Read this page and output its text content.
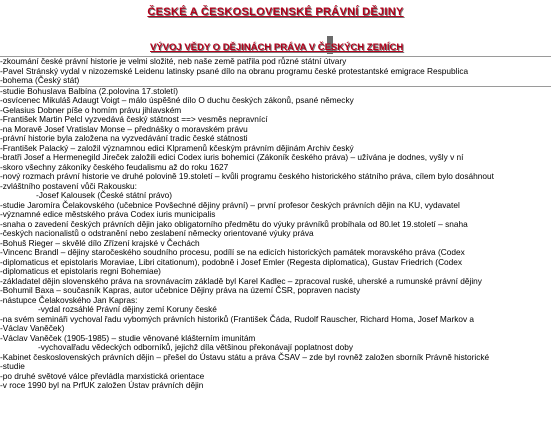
ČESKÉ A ČESKOSLOVENSKÉ PRÁVNÍ DĚJINY
VÝVOJ VĚDY O DĚJINÁCH PRÁVA V ČESKÝCH ZEMÍCH
-zkoumání české právní historie je velmi složité, neb naše země patřila pod různé státní útvary
-Pavel Stránský vydal v nizozemské Leidenu latinsky psané dílo na obranu programu české protestantské emigrace Respublica
-bohema (Český stát)
-studie Bohuslava Balbína (2.polovina 17.století)
-osvícenec Mikuláš Adaugt Voigt – málo úspěšné dílo O duchu českých zákonů, psané německy
-Gelasius Dobner píše o homím právu jihlavském
-František Martin Pelcl vyzvedává český státnost ==> vesměs nepravnící
-na Moravě Josef Vratislav Monse – přednášky o moravském právu
-právní historie byla založena na vyzvedávání tradic české státnosti
-František Palacký – založil významnou edici Klpramenů kčeským právním dějinám Archiv český
-bratři Josef a Hermenegild Jireček založili edici Codex iuris bohemici (Zákoník českého práva) – užívána je dodnes, vyšly v ní
-skoro všechny zákoníky českého feudalismu až do roku 1627
-nový rozmach právní historie ve druhé polovině 19.století – kvůli programu českého historického státního práva, cílem bylo dosáhnout
-zvláštního postavení vůči Rakousku:
-Josef Kalousek (České státní právo)
-studie Jaromíra Čelakovského (učebnice Povšechné dějiny právní) – první profesor českých právních dějin na KU, vydavatel
-významné edice městského práva Codex iuris municipalis
-snaha o zavedení českých právních dějin jako obligatorního předmětu do výuky právníků probíhala od 80.let 19.století – snaha
-českých nacionalistů o odstranění nebo zeslabení německy orientované výuky práva
-Bohuš Rieger – skvělé dílo Zřízení krajské v Čechách
-Vincenc Brandl – dějiny staročeského soudního procesu, podílí se na edicích historických památek moravského práva (Codex
-diplomaticus et epistolaris Moraviae, Libri citationum), podobně i Josef Emler (Regesta diplomatica), Gustav Friedrich (Codex
-diplomaticus et epistolaris regni Bohemiae)
-základatel dějin slovenského práva na srovnávacím základě byl Karel Kadlec – zpracoval ruské, uherské a rumunské právní dějiny
-Bohumil Baxa – současník Kapras, autor učebnice Dějiny práva na území ČSR, popraven nacisty
-nástupce Čelakovského Jan Kapras:
-vydal rozsáhlé Právní dějiny zemí Koruny české
-na svém semináři vychoval řadu vybomých právních historiků (František Čáda, Rudolf Rauscher, Richard Homa, Josef Markov a
-Václav Vaněček)
-Václav Vaněček (1905-1985) – studie věnované klášterním imunitám
-vychovalřadu vědeckých odborníků, jejichž díla většinou překonávají poplatnost doby
-Kabinet československých právních dějin – přešel do Ústavu státu a práva ČSAV – zde byl rovněž založen sborník Právně historické
-studie
-po druhé světové válce převládla marxistická orientace
-v roce 1990 byl na PrfUK založen Ústav právních dějin
